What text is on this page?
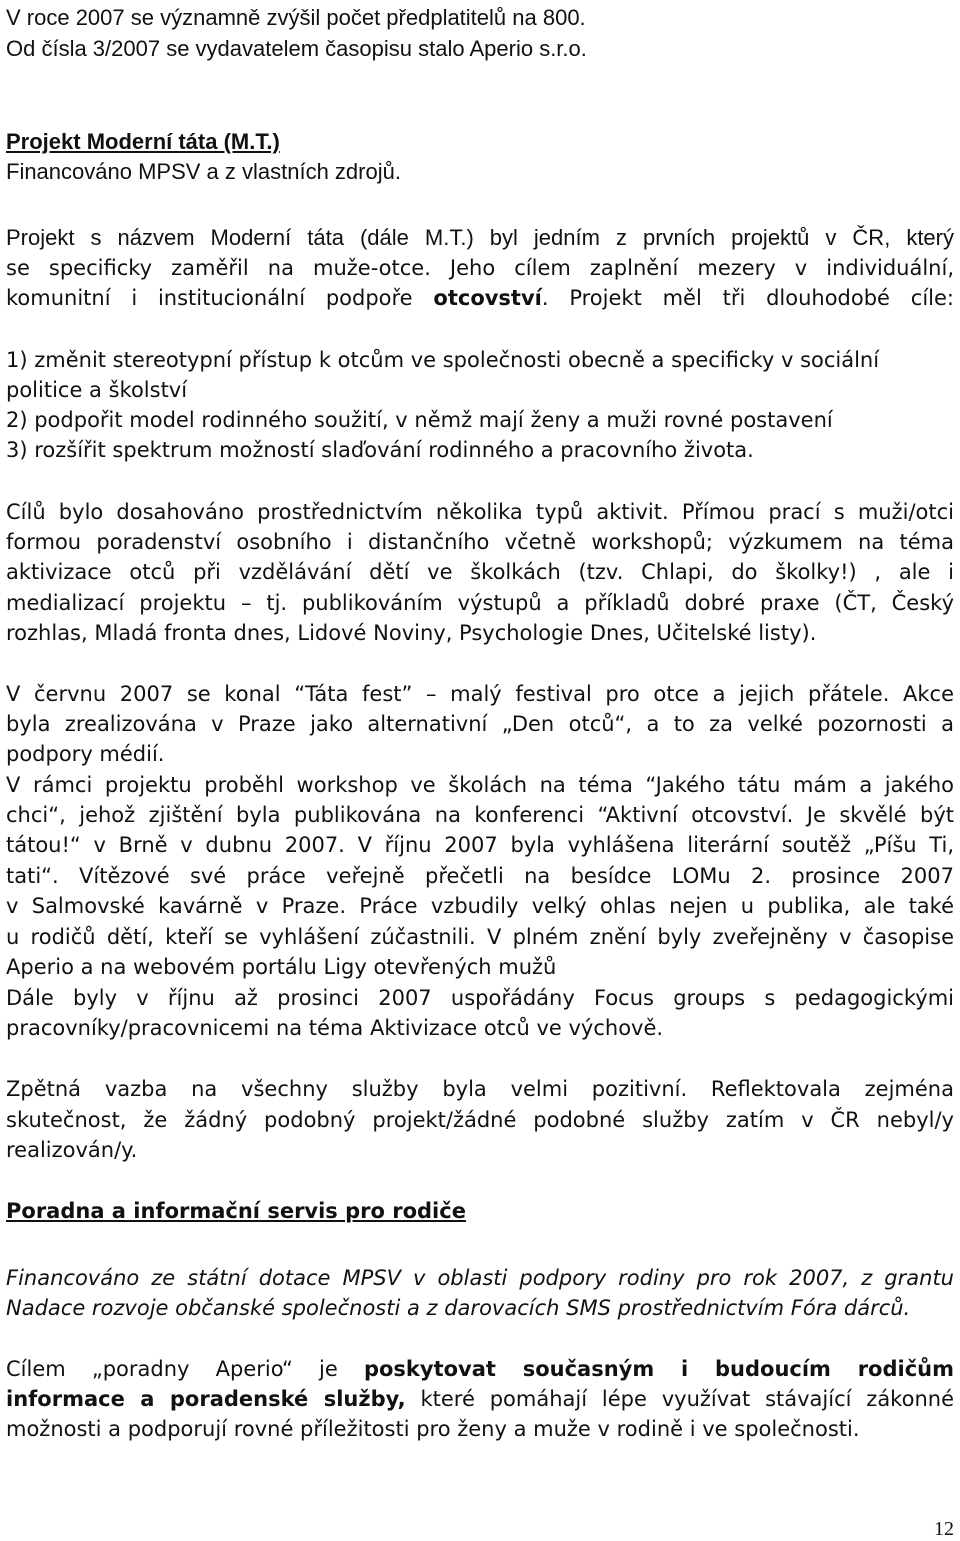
V roce 2007 se významně zvýšil počet předplatitelů na 800.

Od čísla 3/2007 se vydavatelem časopisu stalo Aperio s.r.o.

Projekt Moderní táta (M.T.)

Financováno MPSV a z vlastních zdrojů.

Projekt s názvem Moderní táta (dále M.T.) byl jedním z prvních projektů v ČR, který

se specificky zaměřil na muže-otce. Jeho cílem zaplnění mezery v individuální,

komunitní i institucionální podpoře otcovství. Projekt měl tři dlouhodobé cíle:

1) změnit stereotypní přístup k otcům ve společnosti obecně a specificky v sociální

politice a školství

2) podpořit model rodinného soužití, v němž mají ženy a muži rovné postavení

3) rozšířit spektrum možností slaďování rodinného a pracovního života.

Cílů bylo dosahováno prostřednictvím několika typů aktivit. Přímou prací s muži/otci

formou poradenství osobního i distančního včetně workshopů; výzkumem na téma

aktivizace otců při vzdělávání dětí ve školkách (tzv. Chlapi, do školky!) , ale i

medializací projektu – tj. publikováním výstupů a příkladů dobré praxe (ČT, Český

rozhlas, Mladá fronta dnes, Lidové Noviny, Psychologie Dnes, Učitelské listy).

V červnu 2007 se konal “Táta fest” – malý festival pro otce a jejich přátele. Akce

byla zrealizována v Praze jako alternativní „Den otců“, a to za velké pozornosti a

podpory médií.

V rámci projektu proběhl workshop ve školách na téma “Jakého tátu mám a jakého

chci“, jehož zjištění byla publikována na konferenci “Aktivní otcovství. Je skvělé být

tátou!“ v Brně v dubnu 2007. V říjnu 2007 byla vyhlášena literární soutěž „Píšu Ti,

tati“. Vítězové své práce veřejně přečetli na besídce LOMu 2. prosince 2007

v Salmovské kavárně v Praze. Práce vzbudily velký ohlas nejen u publika, ale také

u rodičů dětí, kteří se vyhlášení zúčastnili. V plném znění byly zveřejněny v časopise

Aperio a na webovém portálu Ligy otevřených mužů

Dále byly v říjnu až prosinci 2007 uspořádány Focus groups s pedagogickými

pracovníky/pracovnicemi na téma Aktivizace otců ve výchově.

Zpětná vazba na všechny služby byla velmi pozitivní. Reflektovala zejména

skutečnost, že žádný podobný projekt/žádné podobné služby zatím v ČR nebyl/y

realizován/y.

Poradna a informační servis pro rodiče

Financováno ze státní dotace MPSV v oblasti podpory rodiny pro rok 2007, z grantu

Nadace rozvoje občanské společnosti a z darovacích SMS prostřednictvím Fóra dárců.

Cílem „poradny Aperio“ je poskytovat současným i budoucím rodičům

informace a poradenské služby, které pomáhají lépe využívat stávající zákonné

možnosti a podporují rovné příležitosti pro ženy a muže v rodině i ve společnosti.

12
